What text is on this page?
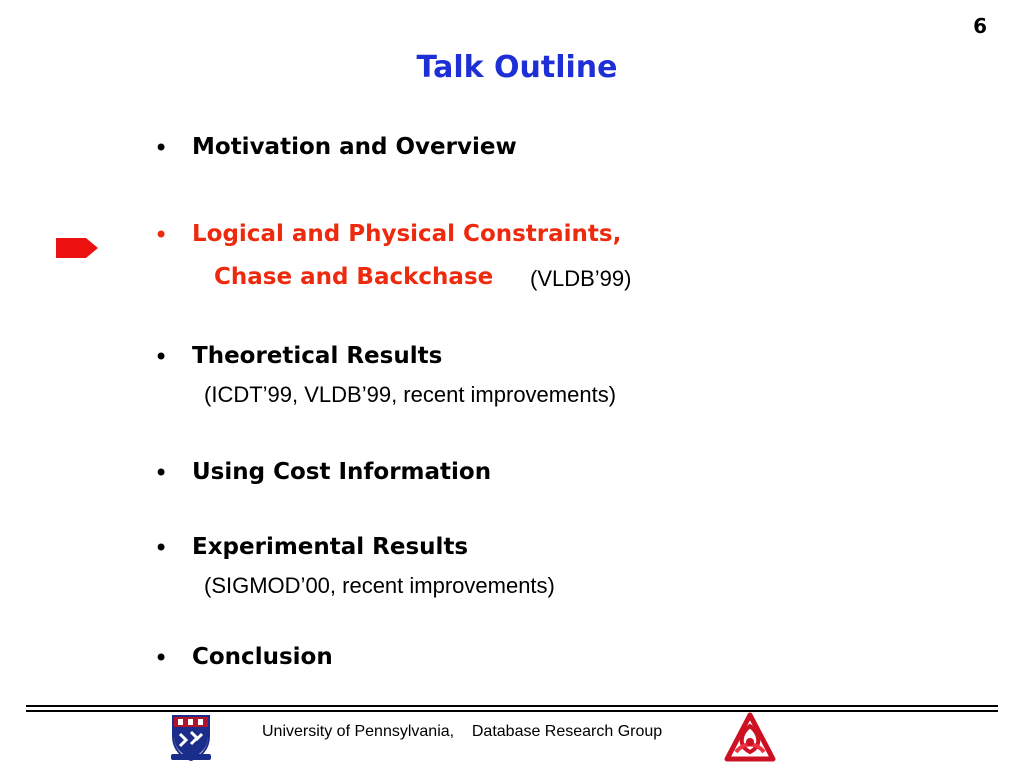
6
Talk Outline
• Motivation and Overview
• Logical and Physical Constraints,
Chase and Backchase (VLDB’99)
• Theoretical Results
(ICDT’99, VLDB’99, recent improvements)
• Using Cost Information
• Experimental Results
(SIGMOD’00, recent improvements)
• Conclusion
University of Pennsylvania,    Database Research Group
